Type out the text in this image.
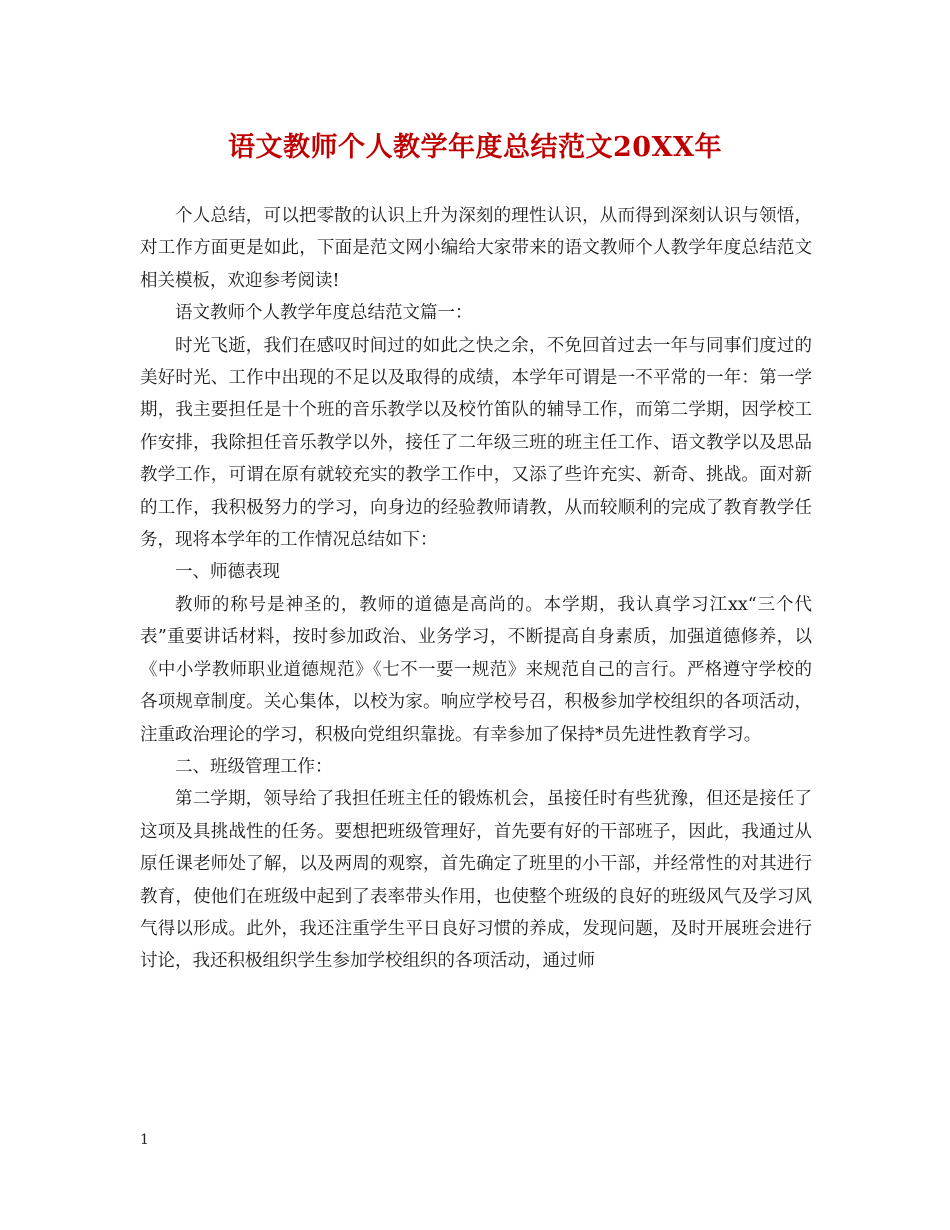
语文教师个人教学年度总结范文20XX年

个人总结，可以把零散的认识上升为深刻的理性认识，从而得到深刻认识与领悟，对工作方面更是如此，下面是范文网小编给大家带来的语文教师个人教学年度总结范文相关模板，欢迎参考阅读!

语文教师个人教学年度总结范文篇一：

时光飞逝，我们在感叹时间过的如此之快之余，不免回首过去一年与同事们度过的美好时光、工作中出现的不足以及取得的成绩，本学年可谓是一不平常的一年：第一学期，我主要担任是十个班的音乐教学以及校竹笛队的辅导工作，而第二学期，因学校工作安排，我除担任音乐教学以外，接任了二年级三班的班主任工作、语文教学以及思品教学工作，可谓在原有就较充实的教学工作中，又添了些许充实、新奇、挑战。面对新的工作，我积极努力的学习，向身边的经验教师请教，从而较顺利的完成了教育教学任务，现将本学年的工作情况总结如下：

一、师德表现

教师的称号是神圣的，教师的道德是高尚的。本学期，我认真学习江xx“三个代表”重要讲话材料，按时参加政治、业务学习，不断提高自身素质，加强道德修养，以《中小学教师职业道德规范》《七不一要一规范》来规范自己的言行。严格遵守学校的各项规章制度。关心集体，以校为家。响应学校号召，积极参加学校组织的各项活动，注重政治理论的学习，积极向党组织靠拢。有幸参加了保持*员先进性教育学习。

二、班级管理工作：

第二学期，领导给了我担任班主任的锻炼机会，虽接任时有些犹豫，但还是接任了这项及具挑战性的任务。要想把班级管理好，首先要有好的干部班子，因此，我通过从原任课老师处了解，以及两周的观察，首先确定了班里的小干部，并经常性的对其进行教育，使他们在班级中起到了表率带头作用，也使整个班级的良好的班级风气及学习风气得以形成。此外，我还注重学生平日良好习惯的养成，发现问题，及时开展班会进行讨论，我还积极组织学生参加学校组织的各项活动，通过师

1
